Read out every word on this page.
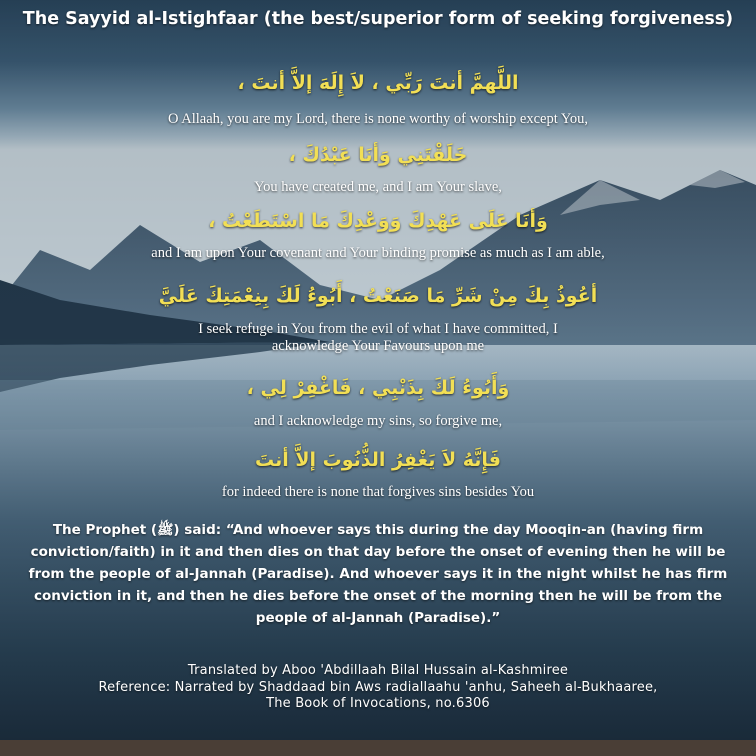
The Sayyid al-Istighfaar (the best/superior form of seeking forgiveness)
اللَّهمَّ أنتَ رَبِّي ، لاَ إِلَهَ إلاَّ أنتَ ،
O Allaah, you are my Lord, there is none worthy of worship except You,
خَلَقْتَنِي وَأنَا عَبْدُكَ ،
You have created me, and I am Your slave,
وَأنَا عَلَى عَهْدِكَ وَوَعْدِكَ مَا اسْتَطَعْتُ ،
and I am upon Your covenant and Your binding promise as much as I am able,
أعُوذُ بِكَ مِنْ شَرِّ مَا صَنَعْتُ ، أَبُوءُ لَكَ بِنِعْمَتِكَ عَلَيَّ
I seek refuge in You from the evil of what I have committed, I acknowledge Your Favours upon me
وَأَبُوءُ لَكَ بِذَنْبِي ، فَاغْفِرْ لِي ،
and I acknowledge my sins, so forgive me,
فَإِنَّهُ لاَ يَغْفِرُ الذُّنُوبَ إلاَّ أنتَ
for indeed there is none that forgives sins besides You
The Prophet (ﷺ) said: “And whoever says this during the day Mooqin-an (having firm conviction/faith) in it and then dies on that day before the onset of evening then he will be from the people of al-Jannah (Paradise). And whoever says it in the night whilst he has firm conviction in it, and then he dies before the onset of the morning then he will be from the people of al-Jannah (Paradise).”
Translated by Aboo 'Abdillaah Bilal Hussain al-Kashmiree
Reference: Narrated by Shaddaad bin Aws radiallaahu 'anhu, Saheeh al-Bukhaaree,
The Book of Invocations, no.6306
